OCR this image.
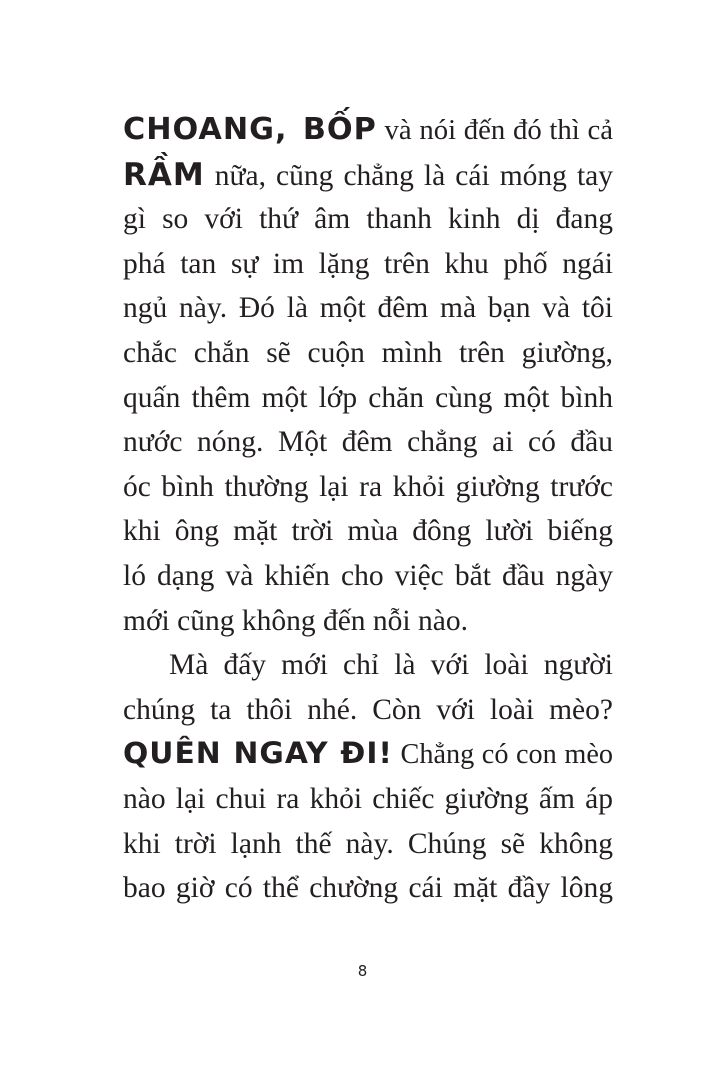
CHOANG, BỐP và nói đến đó thì cả
RẦM nữa, cũng chẳng là cái móng tay
gì so với thứ âm thanh kinh dị đang
phá tan sự im lặng trên khu phố ngái
ngủ này. Đó là một đêm mà bạn và tôi
chắc chắn sẽ cuộn mình trên giường,
quấn thêm một lớp chăn cùng một bình
nước nóng. Một đêm chẳng ai có đầu
óc bình thường lại ra khỏi giường trước
khi ông mặt trời mùa đông lười biếng
ló dạng và khiến cho việc bắt đầu ngày
mới cũng không đến nỗi nào.
Mà đấy mới chỉ là với loài người
chúng ta thôi nhé. Còn với loài mèo?
QUÊN NGAY ĐI! Chẳng có con mèo
nào lại chui ra khỏi chiếc giường ấm áp
khi trời lạnh thế này. Chúng sẽ không
bao giờ có thể chường cái mặt đầy lông
8
